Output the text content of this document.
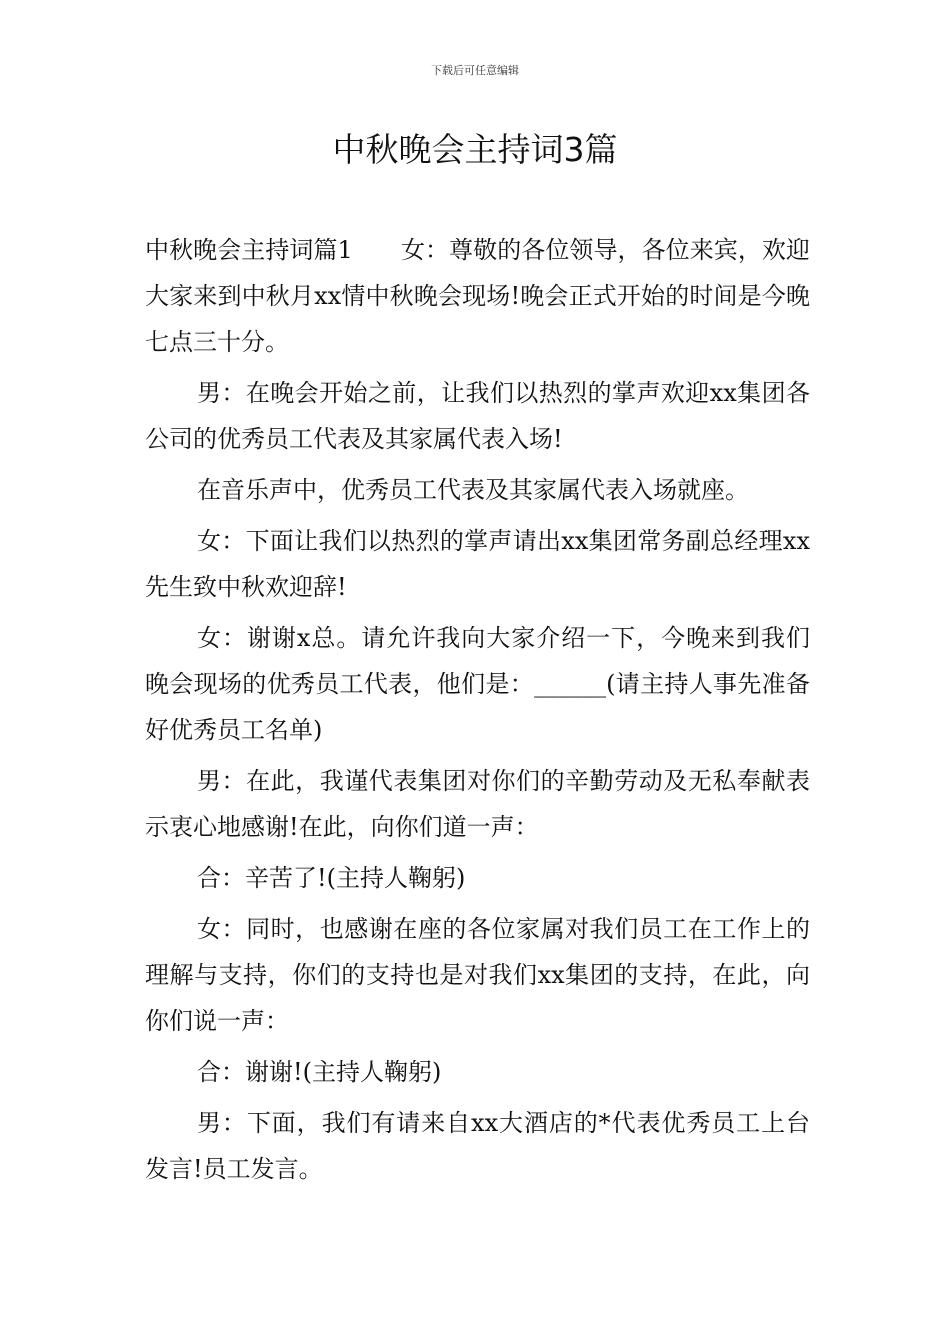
下载后可任意编辑
中秋晚会主持词3篇

中秋晚会主持词篇1　　女：尊敬的各位领导，各位来宾，欢迎大家来到中秋月xx情中秋晚会现场!晚会正式开始的时间是今晚七点三十分。

男：在晚会开始之前，让我们以热烈的掌声欢迎xx集团各公司的优秀员工代表及其家属代表入场!

在音乐声中，优秀员工代表及其家属代表入场就座。

女：下面让我们以热烈的掌声请出xx集团常务副总经理xx先生致中秋欢迎辞!

女：谢谢x总。请允许我向大家介绍一下，今晚来到我们晚会现场的优秀员工代表，他们是：______(请主持人事先准备好优秀员工名单)

男：在此，我谨代表集团对你们的辛勤劳动及无私奉献表示衷心地感谢!在此，向你们道一声：

合：辛苦了!(主持人鞠躬)

女：同时，也感谢在座的各位家属对我们员工在工作上的理解与支持，你们的支持也是对我们xx集团的支持，在此，向你们说一声：

合：谢谢!(主持人鞠躬)

男：下面，我们有请来自xx大酒店的*代表优秀员工上台发言!员工发言。
